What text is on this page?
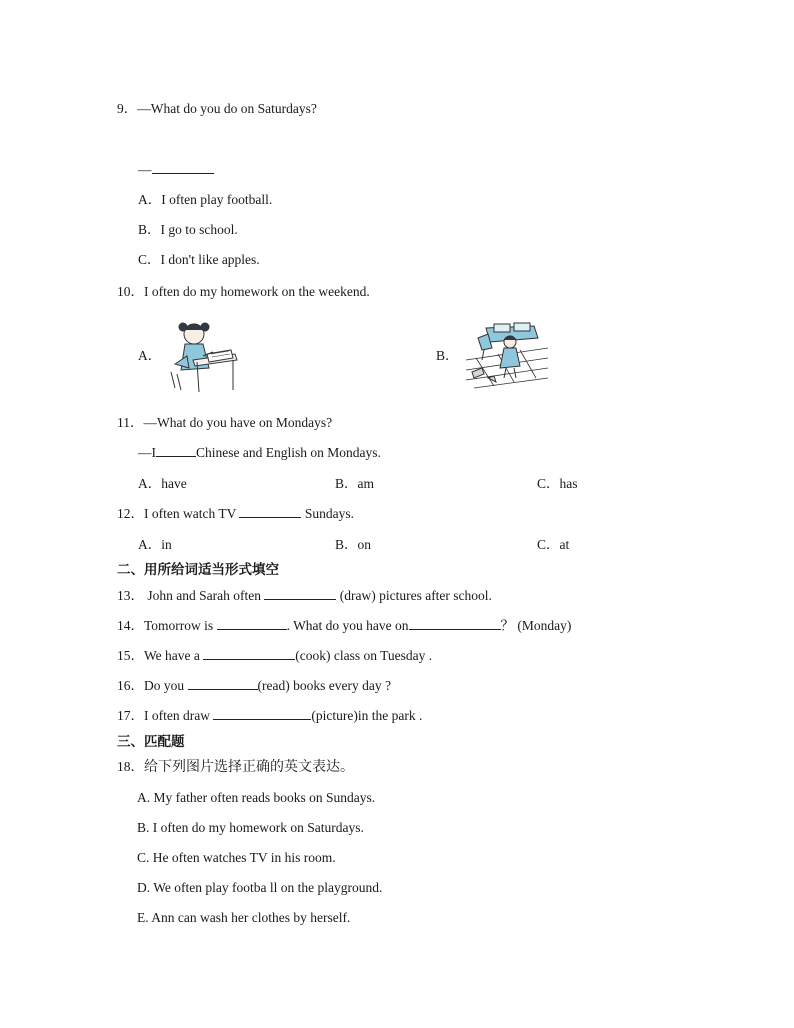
9．—What do you do on Saturdays?
—
A．I often play football.
B．I go to school.
C．I don't like apples.
10．I often do my homework on the weekend.
A．	B．
11．—What do you have on Mondays?
—I	Chinese and English on Mondays.
A．have	B．am	C．has
12．I often watch TV	Sundays.
A．in	B．on	C．at
二、用所给词适当形式填空
13． John and Sarah often	(draw) pictures after school.
14．Tomorrow is	. What do you have on	？ (Monday)
15．We have a	(cook) class on Tuesday .
16．Do you	(read) books every day ?
17．I often draw	(picture)in the park .
三、匹配题
18．给下列图片选择正确的英文表达。
A. My father often reads books on Sundays.
B. I often do my homework on Saturdays.
C. He often watches TV in his room.
D. We often play footba ll on the playground.
E. Ann can wash her clothes by herself.
